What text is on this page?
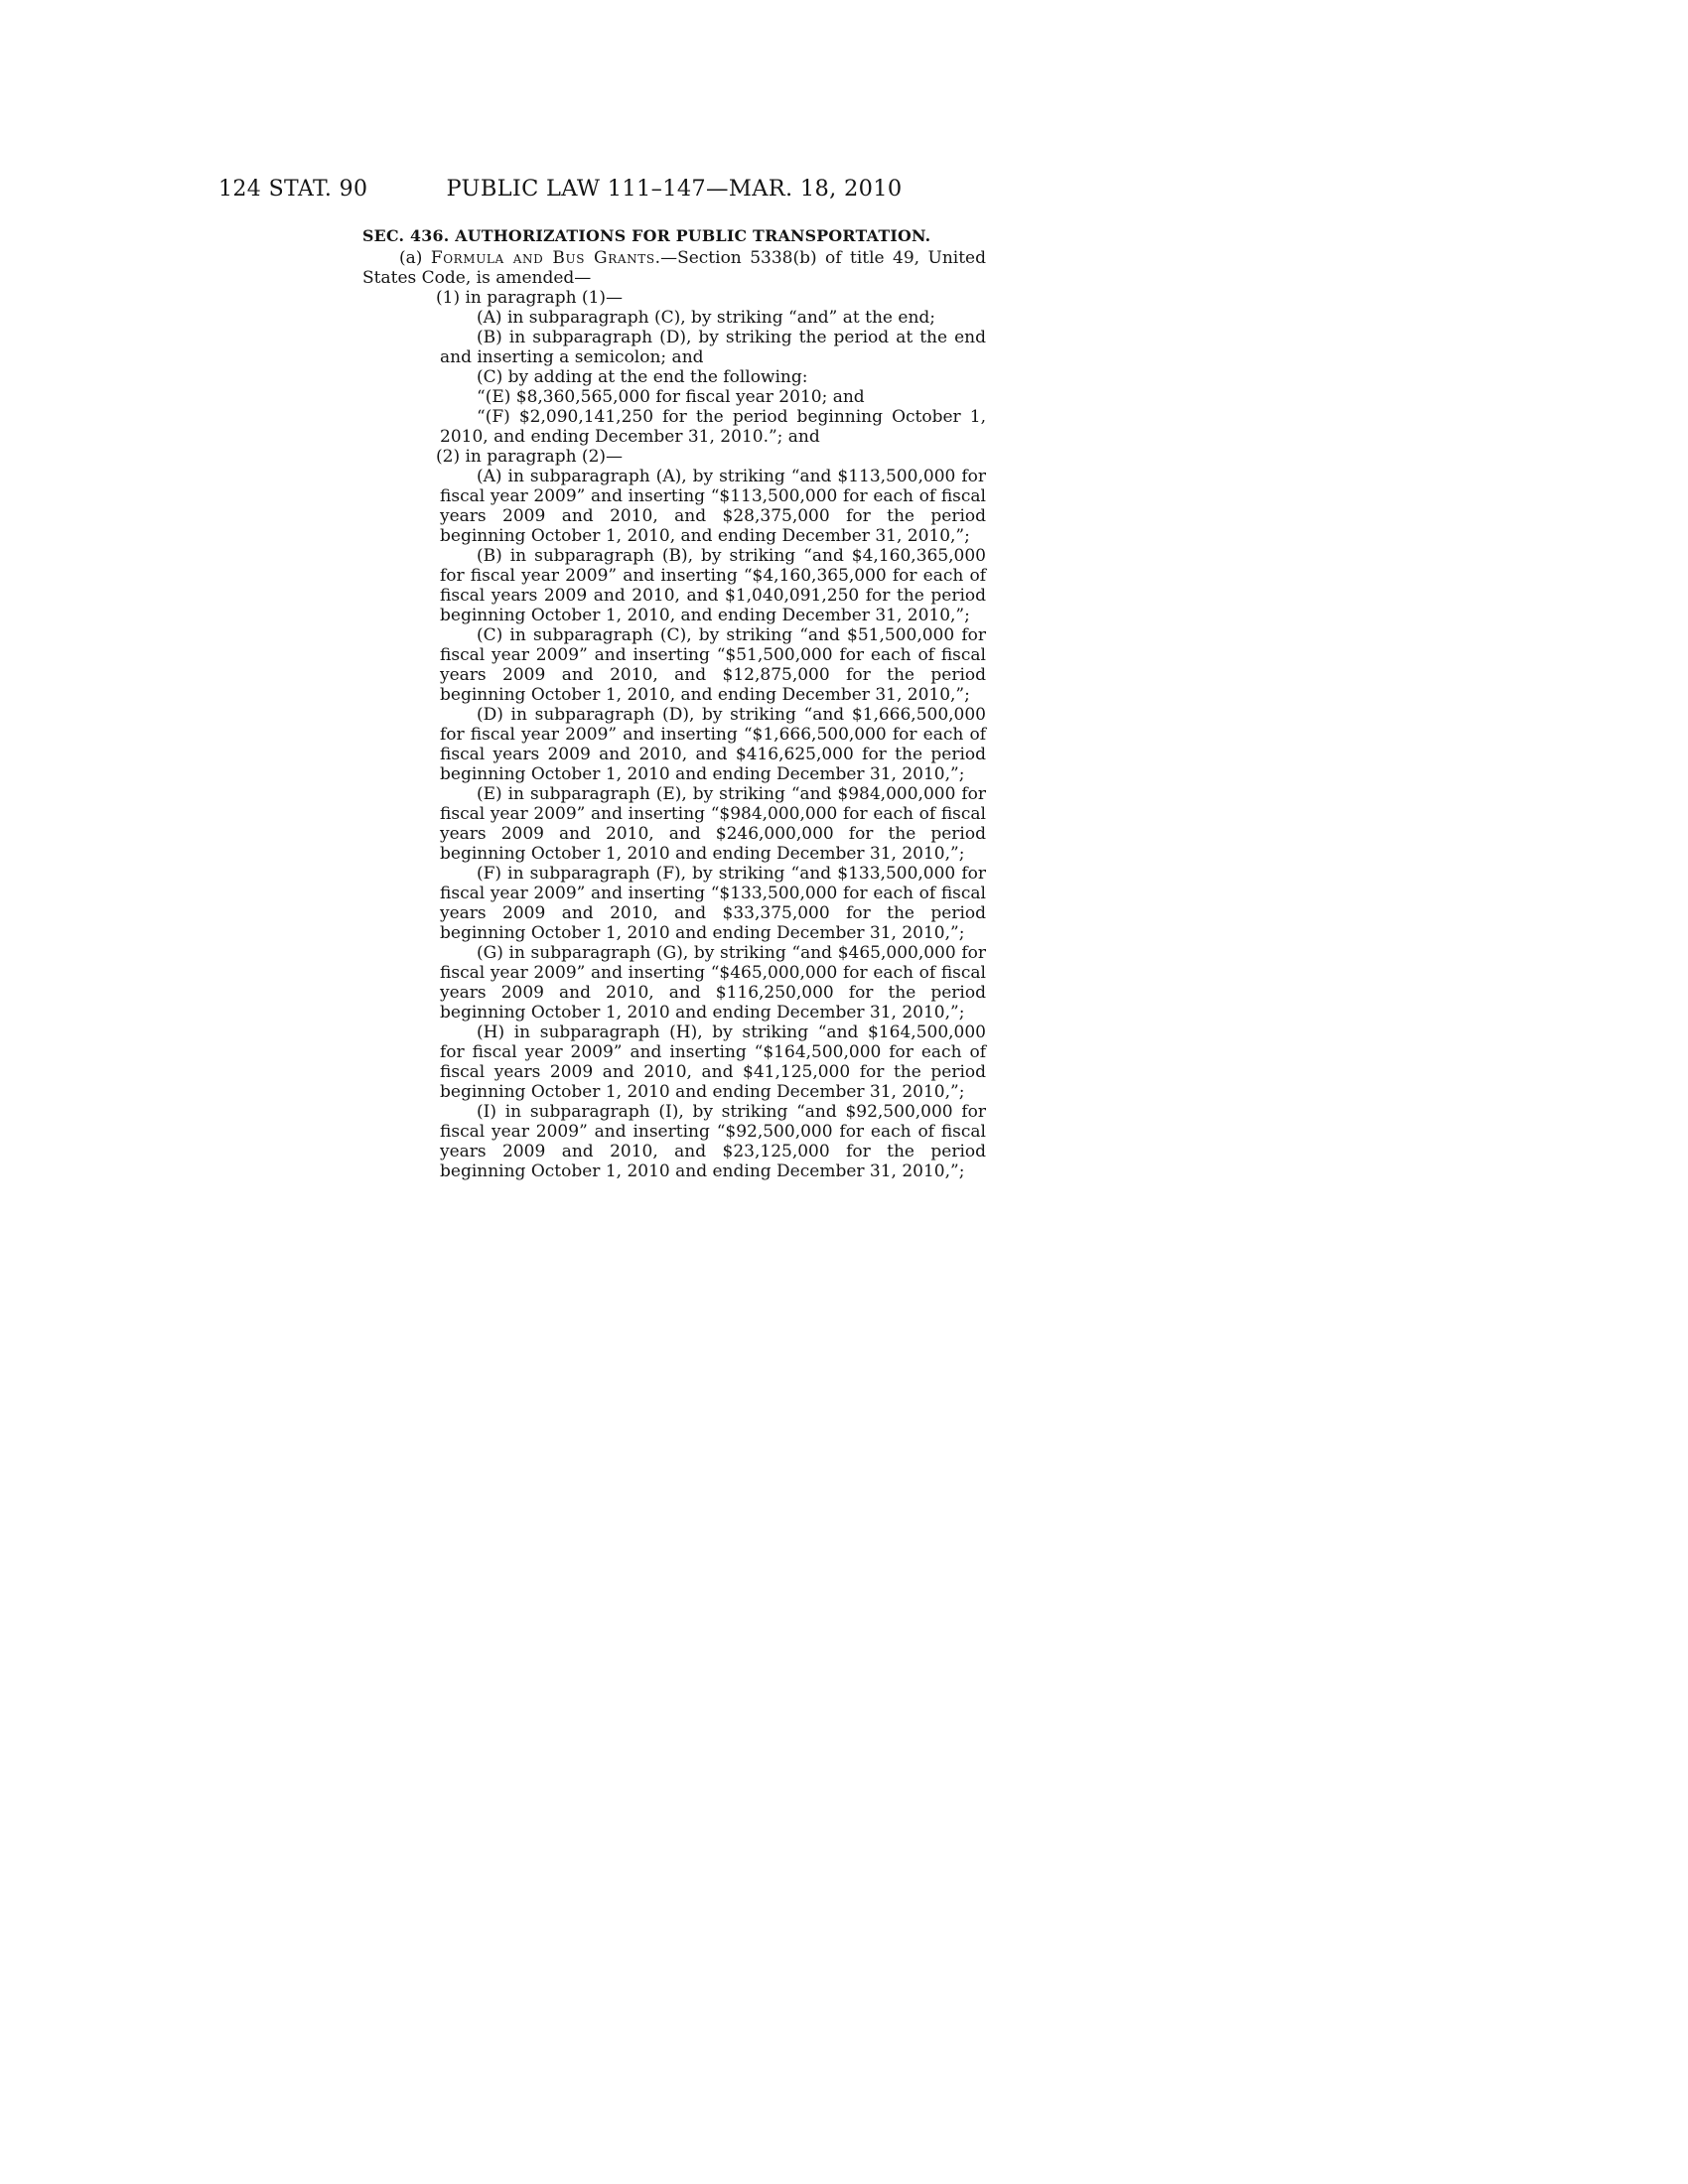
124 STAT. 90	PUBLIC LAW 111–147—MAR. 18, 2010
SEC. 436. AUTHORIZATIONS FOR PUBLIC TRANSPORTATION.
(a) Formula and Bus Grants.—Section 5338(b) of title 49, United States Code, is amended—
(1) in paragraph (1)—
(A) in subparagraph (C), by striking “and” at the end;
(B) in subparagraph (D), by striking the period at the end and inserting a semicolon; and
(C) by adding at the end the following:
“(E) $8,360,565,000 for fiscal year 2010; and
“(F) $2,090,141,250 for the period beginning October 1, 2010, and ending December 31, 2010.”; and
(2) in paragraph (2)—
(A) in subparagraph (A), by striking “and $113,500,000 for fiscal year 2009” and inserting “$113,500,000 for each of fiscal years 2009 and 2010, and $28,375,000 for the period beginning October 1, 2010, and ending December 31, 2010,”;
(B) in subparagraph (B), by striking “and $4,160,365,000 for fiscal year 2009” and inserting “$4,160,365,000 for each of fiscal years 2009 and 2010, and $1,040,091,250 for the period beginning October 1, 2010, and ending December 31, 2010,”;
(C) in subparagraph (C), by striking “and $51,500,000 for fiscal year 2009” and inserting “$51,500,000 for each of fiscal years 2009 and 2010, and $12,875,000 for the period beginning October 1, 2010, and ending December 31, 2010,”;
(D) in subparagraph (D), by striking “and $1,666,500,000 for fiscal year 2009” and inserting “$1,666,500,000 for each of fiscal years 2009 and 2010, and $416,625,000 for the period beginning October 1, 2010 and ending December 31, 2010,”;
(E) in subparagraph (E), by striking “and $984,000,000 for fiscal year 2009” and inserting “$984,000,000 for each of fiscal years 2009 and 2010, and $246,000,000 for the period beginning October 1, 2010 and ending December 31, 2010,”;
(F) in subparagraph (F), by striking “and $133,500,000 for fiscal year 2009” and inserting “$133,500,000 for each of fiscal years 2009 and 2010, and $33,375,000 for the period beginning October 1, 2010 and ending December 31, 2010,”;
(G) in subparagraph (G), by striking “and $465,000,000 for fiscal year 2009” and inserting “$465,000,000 for each of fiscal years 2009 and 2010, and $116,250,000 for the period beginning October 1, 2010 and ending December 31, 2010,”;
(H) in subparagraph (H), by striking “and $164,500,000 for fiscal year 2009” and inserting “$164,500,000 for each of fiscal years 2009 and 2010, and $41,125,000 for the period beginning October 1, 2010 and ending December 31, 2010,”;
(I) in subparagraph (I), by striking “and $92,500,000 for fiscal year 2009” and inserting “$92,500,000 for each of fiscal years 2009 and 2010, and $23,125,000 for the period beginning October 1, 2010 and ending December 31, 2010,”;
